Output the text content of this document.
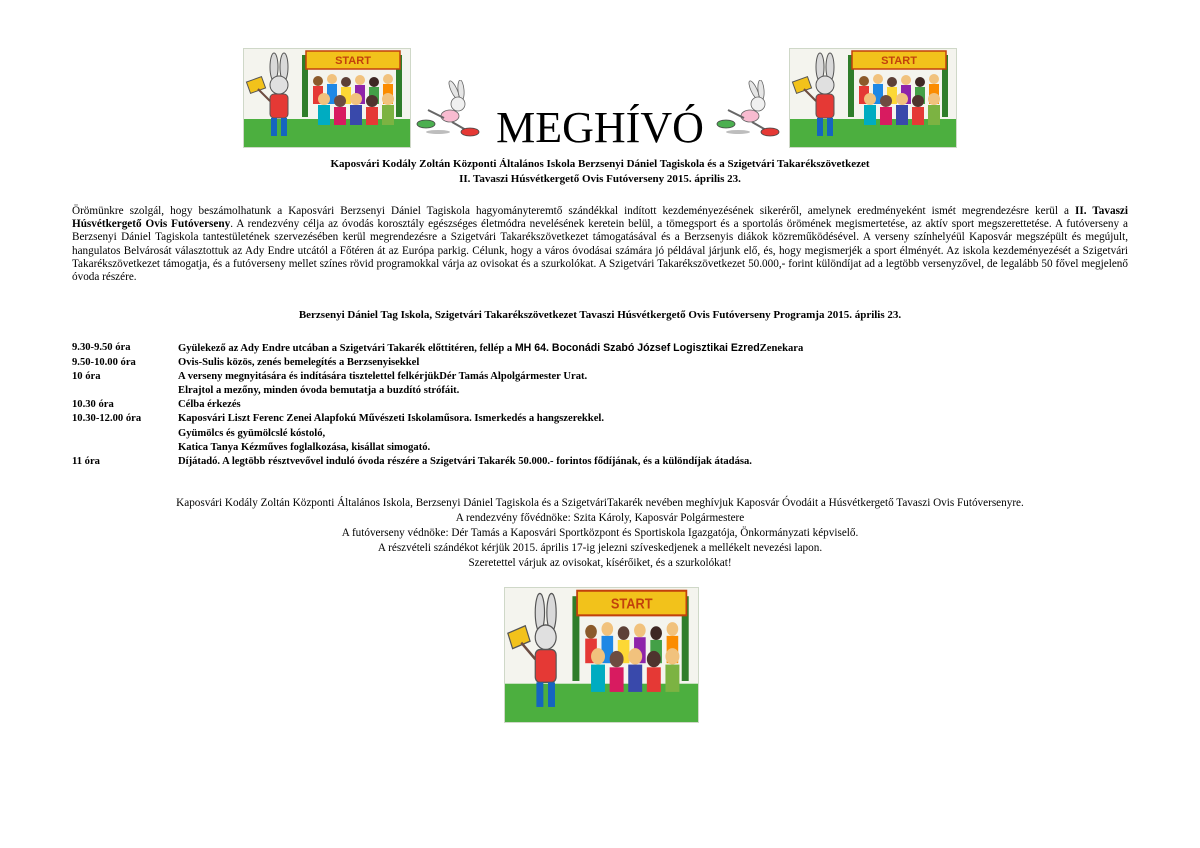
MEGHÍVÓ
Kaposvári Kodály Zoltán Központi Általános Iskola Berzsenyi Dániel Tagiskola és a Szigetvári Takarékszövetkezet
II. Tavaszi Húsvétkergető Ovis Futóverseny 2015. április 23.
Örömünkre szolgál, hogy beszámolhatunk a Kaposvári Berzsenyi Dániel Tagiskola hagyományteremtő szándékkal indított kezdeményezésének sikeréről, amelynek eredményeként ismét megrendezésre kerül a II. Tavaszi Húsvétkergető Ovis Futóverseny. A rendezvény célja az óvodás korosztály egészséges életmódra nevelésének keretein belül, a tömegsport és a sportolás örömének megismertetése, az aktív sport megszerettetése. A futóverseny a Berzsenyi Dániel Tagiskola tantestületének szervezésében kerül megrendezésre a Szigetvári Takarékszövetkezet támogatásával és a Berzsenyis diákok közreműködésével. A verseny színhelyéül Kaposvár megszépült és megújult, hangulatos Belvárosát választottuk az Ady Endre utcától a Főtéren át az Európa parkig. Célunk, hogy a város óvodásai számára jó példával járjunk elő, és, hogy megismerjék a sport élményét. Az iskola kezdeményezését a Szigetvári Takarékszövetkezet támogatja, és a futóverseny mellet színes rövid programokkal várja az ovisokat és a szurkolókat. A Szigetvári Takarékszövetkezet 50.000,- forint különdíjat ad a legtöbb versenyzővel, de legalább 50 fővel megjelenő óvoda részére.
Berzsenyi Dániel Tag Iskola, Szigetvári Takarékszövetkezet Tavaszi Húsvétkergető Ovis Futóverseny Programja 2015. április 23.
9.30-9.50 óra	Gyülekező az Ady Endre utcában a Szigetvári Takarék előttitéren, fellép a MH 64. Boconádi Szabó József Logisztikai EzredZenekara
9.50-10.00 óra	Ovis-Sulis közös, zenés bemelegítés a Berzsenyisekkel
10 óra	A verseny megnyitására és indítására tisztelettel felkérjükDér Tamás Alpolgármester Urat.
Elrajtol a mezőny, minden óvoda bemutatja a buzdító strófáit.
10.30 óra	Célba érkezés
10.30-12.00 óra	Kaposvári Liszt Ferenc Zenei Alapfokú Művészeti Iskolaműsora. Ismerkedés a hangszerekkel.
Gyümölcs és gyümölcslé kóstoló,
Katica Tanya Kézműves foglalkozása, kisállat simogató.
11 óra	Díjátadó. A legtöbb résztvevővel induló óvoda részére a Szigetvári Takarék 50.000.- forintos fődíjának, és a különdíjak átadása.
Kaposvári Kodály Zoltán Központi Általános Iskola, Berzsenyi Dániel Tagiskola és a SzigetváriTakarék nevében meghívjuk Kaposvár Óvodáit a Húsvétkergető Tavaszi Ovis Futóversenyre.
A rendezvény fővédnöke: Szita Károly, Kaposvár Polgármestere
A futóverseny védnöke: Dér Tamás a Kaposvári Sportközpont és Sportiskola Igazgatója, Önkormányzati képviselő.
A részvételi szándékot kérjük 2015. április 17-ig jelezni szíveskedjenek a mellékelt nevezési lapon.
Szeretettel várjuk az ovisokat, kísérőiket, és a szurkolókat!
